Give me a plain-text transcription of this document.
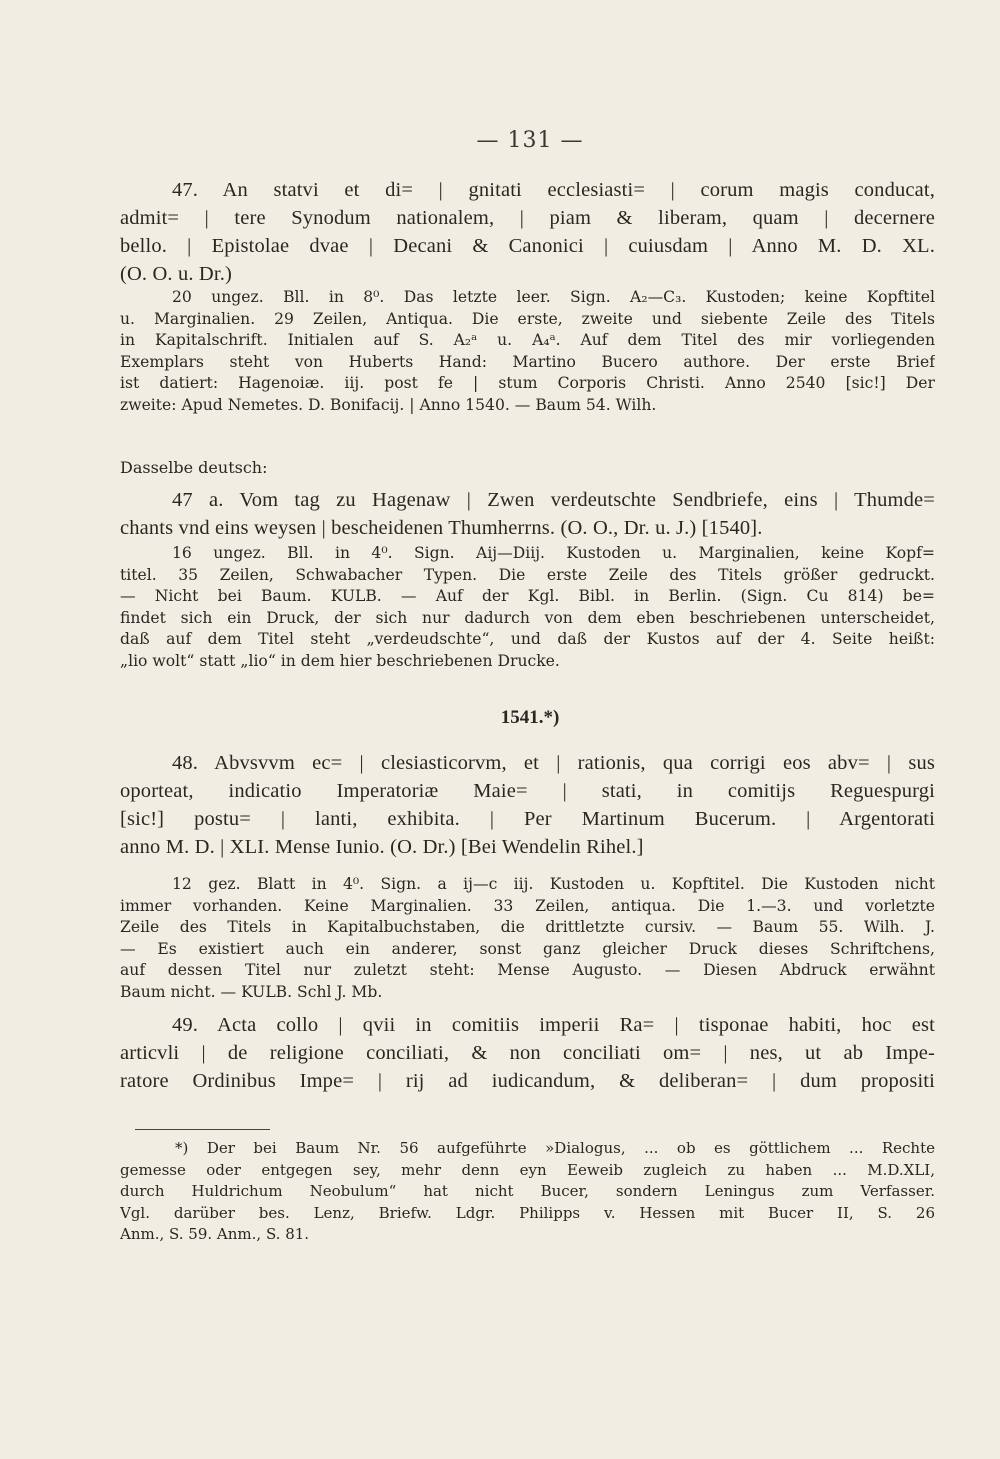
— 131 —
47. An statvi et di= | gnitati ecclesiasti= | corum magis conducat,
admit= | tere Synodum nationalem, | piam & liberam, quam | decernere
bello. | Epistolae dvae | Decani & Canonici | cuiusdam | Anno M. D. XL.
(O. O. u. Dr.)
20 ungez. Bll. in 8⁰. Das letzte leer. Sign. A₂—C₃. Kustoden; keine Kopftitel
u. Marginalien. 29 Zeilen, Antiqua. Die erste, zweite und siebente Zeile des Titels
in Kapitalschrift. Initialen auf S. A₂ᵃ u. A₄ᵃ. Auf dem Titel des mir vorliegenden
Exemplars steht von Huberts Hand: Martino Bucero authore. Der erste Brief
ist datiert: Hagenoiæ. iij. post fe | stum Corporis Christi. Anno 2540 [sic!] Der
zweite: Apud Nemetes. D. Bonifacij. | Anno 1540. — Baum 54. Wilh.
Dasselbe deutsch:
47 a. Vom tag zu Hagenaw | Zwen verdeutschte Sendbriefe, eins | Thumde=
chants vnd eins weysen | bescheidenen Thumherrns. (O. O., Dr. u. J.) [1540].
16 ungez. Bll. in 4⁰. Sign. Aij—Diij. Kustoden u. Marginalien, keine Kopf=
titel. 35 Zeilen, Schwabacher Typen. Die erste Zeile des Titels größer gedruckt.
— Nicht bei Baum. KULB. — Auf der Kgl. Bibl. in Berlin. (Sign. Cu 814) be=
findet sich ein Druck, der sich nur dadurch von dem eben beschriebenen unterscheidet,
daß auf dem Titel steht „verdeudschte“, und daß der Kustos auf der 4. Seite heißt:
„lio wolt“ statt „lio“ in dem hier beschriebenen Drucke.
1541.*)
48. Abvsvvm ec= | clesiasticorvm, et | rationis, qua corrigi eos abv= | sus
oporteat, indicatio Imperatoriæ Maie= | stati, in comitijs Reguespurgi
[sic!] postu= | lanti, exhibita. | Per Martinum Bucerum. | Argentorati
anno M. D. | XLI. Mense Iunio. (O. Dr.) [Bei Wendelin Rihel.]
12 gez. Blatt in 4⁰. Sign. a ij—c iij. Kustoden u. Kopftitel. Die Kustoden nicht
immer vorhanden. Keine Marginalien. 33 Zeilen, antiqua. Die 1.—3. und vorletzte
Zeile des Titels in Kapitalbuchstaben, die drittletzte cursiv. — Baum 55. Wilh. J.
— Es existiert auch ein anderer, sonst ganz gleicher Druck dieses Schriftchens,
auf dessen Titel nur zuletzt steht: Mense Augusto. — Diesen Abdruck erwähnt
Baum nicht. — KULB. Schl J. Mb.
49. Acta collo | qvii in comitiis imperii Ra= | tisponae habiti, hoc est
articvli | de religione conciliati, & non conciliati om= | nes, ut ab Impe-
ratore Ordinibus Impe= | rij ad iudicandum, & deliberan= | dum propositi
*) Der bei Baum Nr. 56 aufgeführte »Dialogus, ... ob es göttlichem ... Rechte
gemesse oder entgegen sey, mehr denn eyn Eeweib zugleich zu haben ... M.D.XLI,
durch Huldrichum Neobulum“ hat nicht Bucer, sondern Leningus zum Verfasser.
Vgl. darüber bes. Lenz, Briefw. Ldgr. Philipps v. Hessen mit Bucer II, S. 26
Anm., S. 59. Anm., S. 81.
